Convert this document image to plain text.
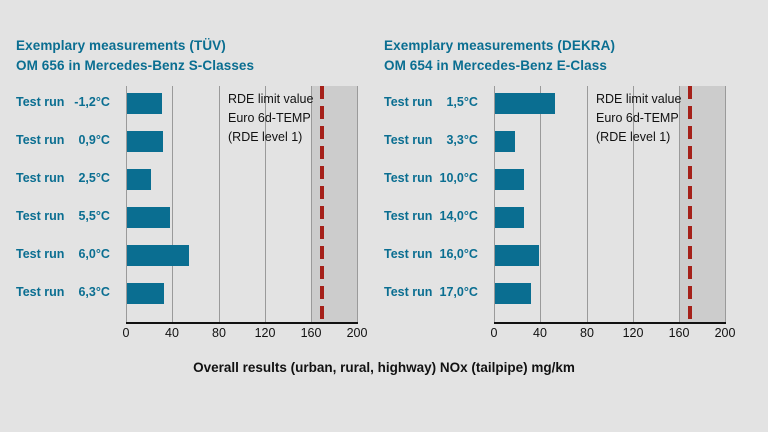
Exemplary measurements (TÜV)
OM 656 in Mercedes-Benz S-Classes
RDE limit value
Euro 6d-TEMP
(RDE level 1)
Test run -1,2°C
Test run 0,9°C
Test run 2,5°C
Test run 5,5°C
Test run 6,0°C
Test run 6,3°C
0	40	80 120 160 200
Exemplary measurements (DEKRA)
OM 654 in Mercedes-Benz E-Class
RDE limit value
Euro 6d-TEMP
(RDE level 1)
Test run 1,5°C
Test run 3,3°C
Test run 10,0°C
Test run 14,0°C
Test run 16,0°C
Test run 17,0°C
0	40	80 120 160 200
Overall results (urban, rural, highway) NOx (tailpipe) mg/km
